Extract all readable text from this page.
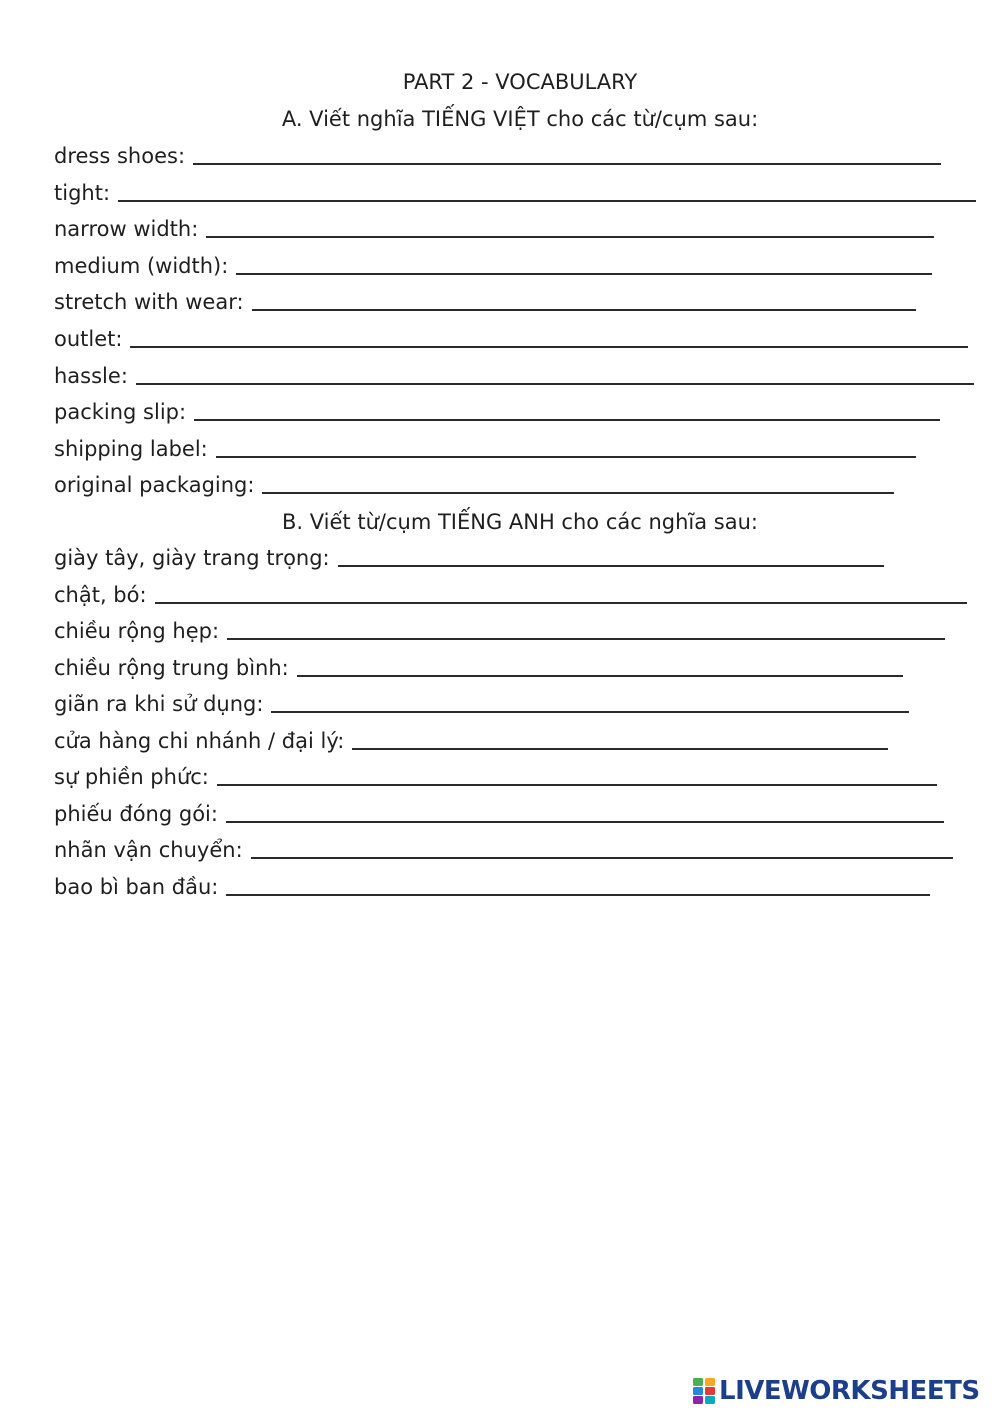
PART 2 - VOCABULARY
A. Viết nghĩa TIẾNG VIỆT cho các từ/cụm sau:
dress shoes:
tight:
narrow width:
medium (width):
stretch with wear:
outlet:
hassle:
packing slip:
shipping label:
original packaging:
B. Viết từ/cụm TIẾNG ANH cho các nghĩa sau:
giày tây, giày trang trọng:
chật, bó:
chiều rộng hẹp:
chiều rộng trung bình:
giãn ra khi sử dụng:
cửa hàng chi nhánh / đại lý:
sự phiền phức:
phiếu đóng gói:
nhãn vận chuyển:
bao bì ban đầu:
LIVEWORKSHEETS
